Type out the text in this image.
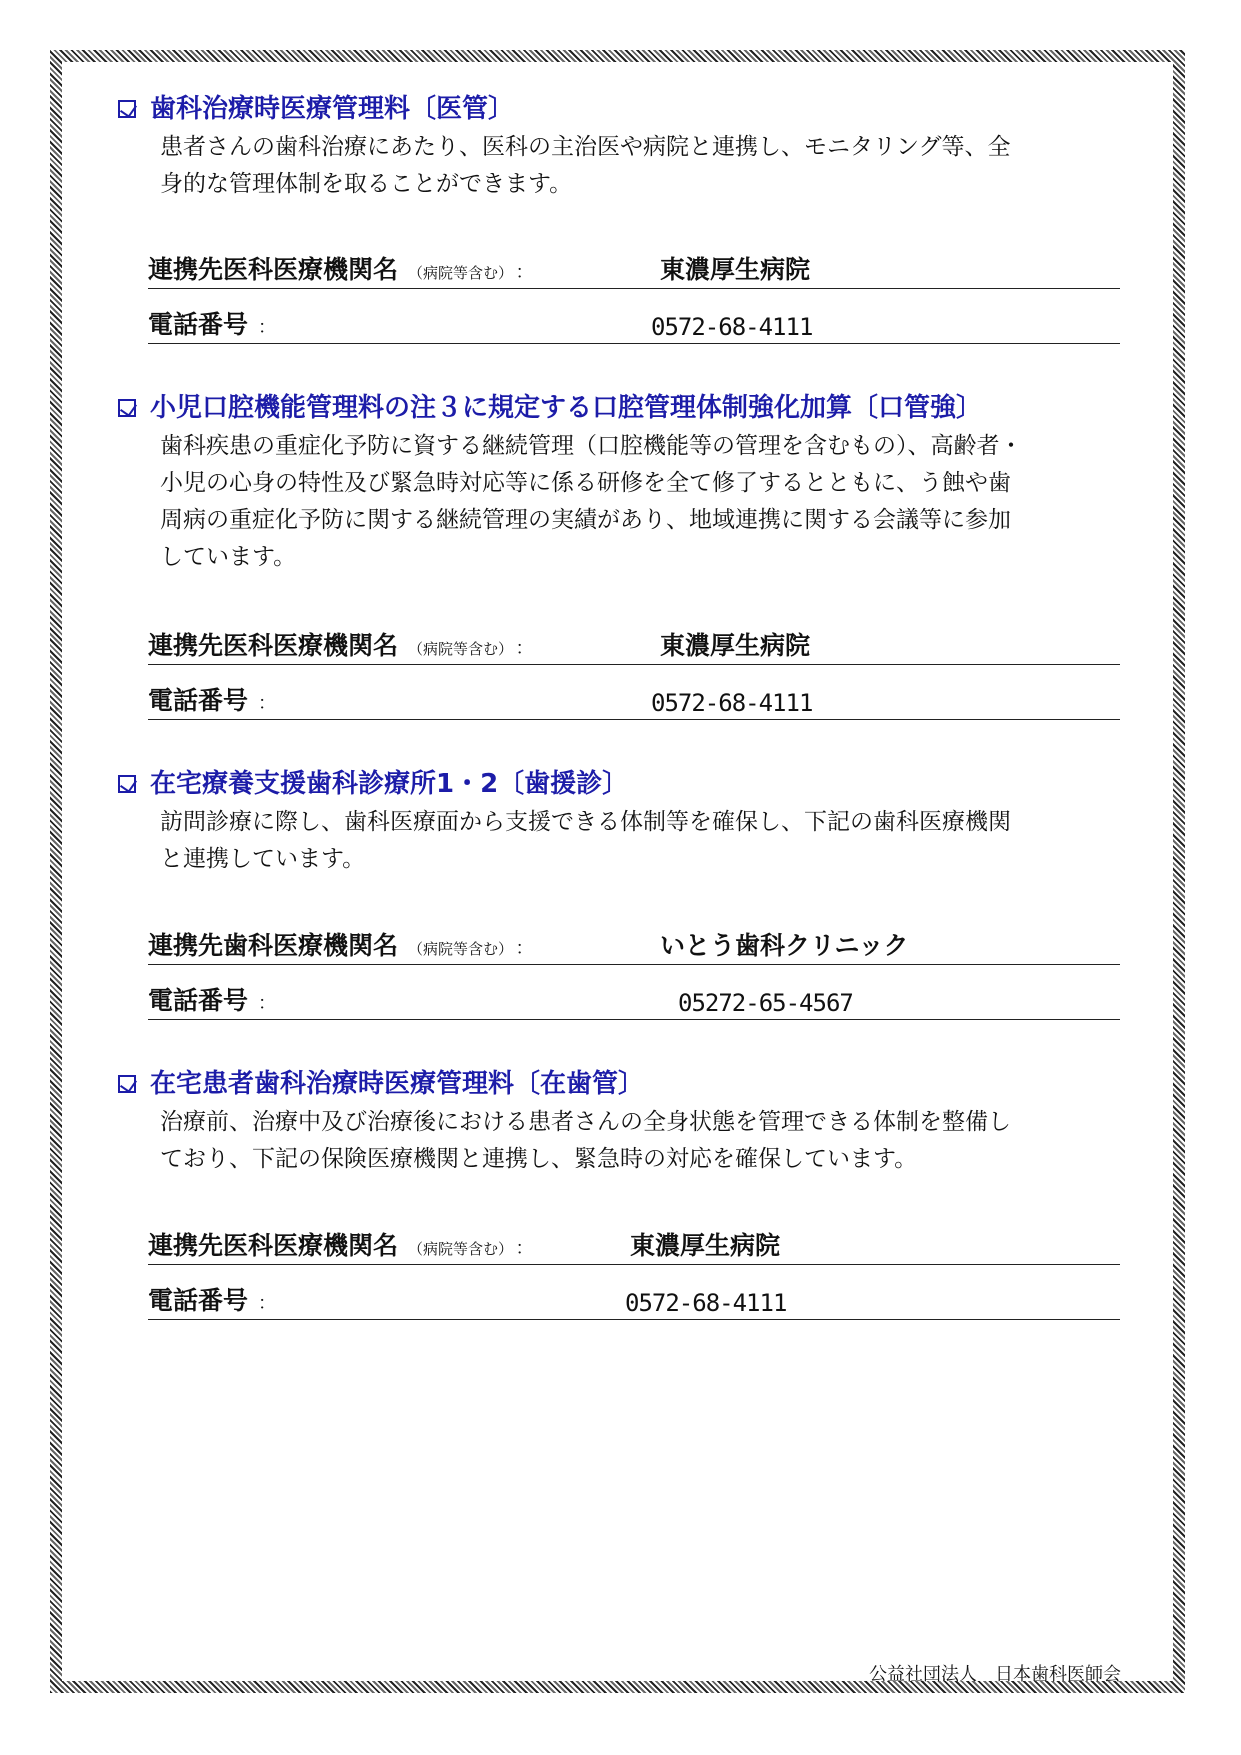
歯科治療時医療管理料〔医管〕
患者さんの歯科治療にあたり、医科の主治医や病院と連携し、モニタリング等、全
身的な管理体制を取ることができます。
連携先医科医療機関名 （病院等含む） ：	東濃厚生病院
電話番号 ：	0572-68-4111
小児口腔機能管理料の注３に規定する口腔管理体制強化加算〔口管強〕
歯科疾患の重症化予防に資する継続管理（口腔機能等の管理を含むもの）、高齢者・
小児の心身の特性及び緊急時対応等に係る研修を全て修了するとともに、う蝕や歯
周病の重症化予防に関する継続管理の実績があり、地域連携に関する会議等に参加
しています。
連携先医科医療機関名 （病院等含む） ：	東濃厚生病院
電話番号 ：	0572-68-4111
在宅療養支援歯科診療所1・2〔歯援診〕
訪問診療に際し、歯科医療面から支援できる体制等を確保し、下記の歯科医療機関
と連携しています。
連携先歯科医療機関名 （病院等含む） ：	いとう歯科クリニック
電話番号 ：	05272-65-4567
在宅患者歯科治療時医療管理料〔在歯管〕
治療前、治療中及び治療後における患者さんの全身状態を管理できる体制を整備し
ており、下記の保険医療機関と連携し、緊急時の対応を確保しています。
連携先医科医療機関名 （病院等含む） ：	東濃厚生病院
電話番号 ：	0572-68-4111
公益社団法人　日本歯科医師会
